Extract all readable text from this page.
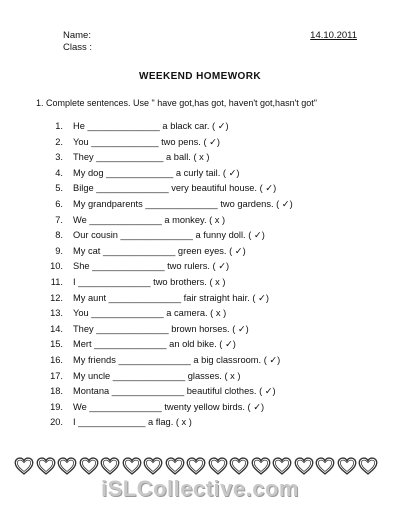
Name:
Class :
14.10.2011
WEEKEND HOMEWORK
1. Complete sentences. Use " have got,has got, haven't got,hasn't got"
1. He ______________ a black car. ( ✓)
2. You _____________ two pens. ( ✓)
3. They _____________ a ball. ( x )
4. My dog _____________ a curly tail. ( ✓)
5. Bilge ______________ very beautiful house. ( ✓)
6. My grandparents ______________ two gardens. ( ✓)
7. We ______________ a monkey. ( x )
8. Our cousin ______________ a funny doll. ( ✓)
9. My cat ______________ green eyes. ( ✓)
10. She ______________ two rulers. ( ✓)
11. I ______________ two brothers. ( x )
12. My aunt ______________ fair straight hair. ( ✓)
13. You ______________ a camera. ( x )
14. They ______________ brown horses. ( ✓)
15. Mert ______________ an old bike. ( ✓)
16. My friends ______________ a big classroom. ( ✓)
17. My uncle ______________ glasses. ( x )
18. Montana ______________ beautiful clothes. ( ✓)
19. We ______________ twenty yellow birds. ( ✓)
20. I _____________ a flag. ( x )
iSLCollective.com
